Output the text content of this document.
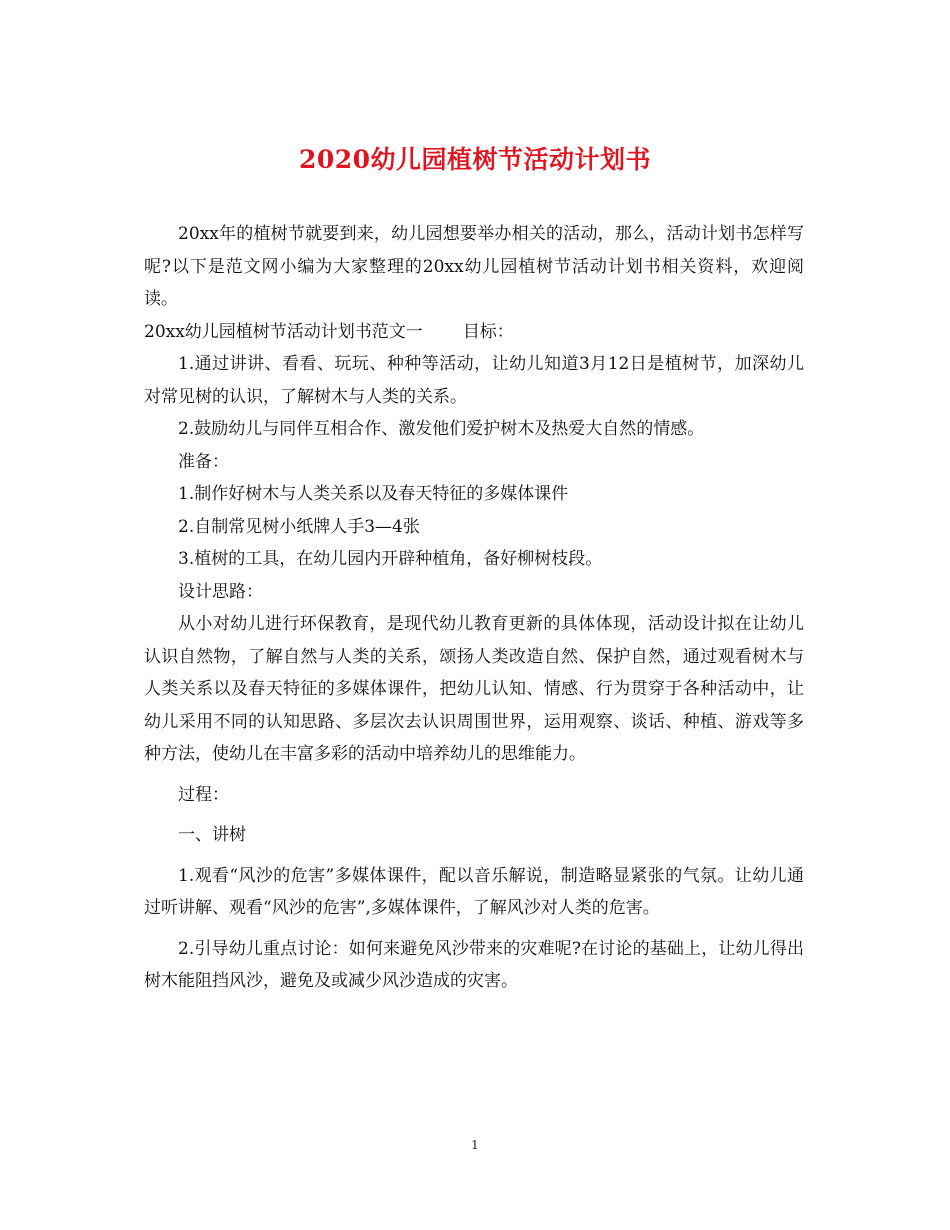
2020幼儿园植树节活动计划书

20xx年的植树节就要到来，幼儿园想要举办相关的活动，那么，活动计划书怎样写呢?以下是范文网小编为大家整理的20xx幼儿园植树节活动计划书相关资料，欢迎阅读。

20xx幼儿园植树节活动计划书范文一 目标：

1.通过讲讲、看看、玩玩、种种等活动，让幼儿知道3月12日是植树节，加深幼儿对常见树的认识，了解树木与人类的关系。

2.鼓励幼儿与同伴互相合作、激发他们爱护树木及热爱大自然的情感。

准备：

1.制作好树木与人类关系以及春天特征的多媒体课件

2.自制常见树小纸牌人手3—4张

3.植树的工具，在幼儿园内开辟种植角，备好柳树枝段。

设计思路：

从小对幼儿进行环保教育，是现代幼儿教育更新的具体体现，活动设计拟在让幼儿认识自然物，了解自然与人类的关系，颂扬人类改造自然、保护自然，通过观看树木与人类关系以及春天特征的多媒体课件，把幼儿认知、情感、行为贯穿于各种活动中，让幼儿采用不同的认知思路、多层次去认识周围世界，运用观察、谈话、种植、游戏等多种方法，使幼儿在丰富多彩的活动中培养幼儿的思维能力。

过程：

一、讲树

1.观看“风沙的危害”多媒体课件，配以音乐解说，制造略显紧张的气氛。让幼儿通过听讲解、观看“风沙的危害”,多媒体课件，了解风沙对人类的危害。

2.引导幼儿重点讨论：如何来避免风沙带来的灾难呢?在讨论的基础上，让幼儿得出树木能阻挡风沙，避免及或减少风沙造成的灾害。

1
